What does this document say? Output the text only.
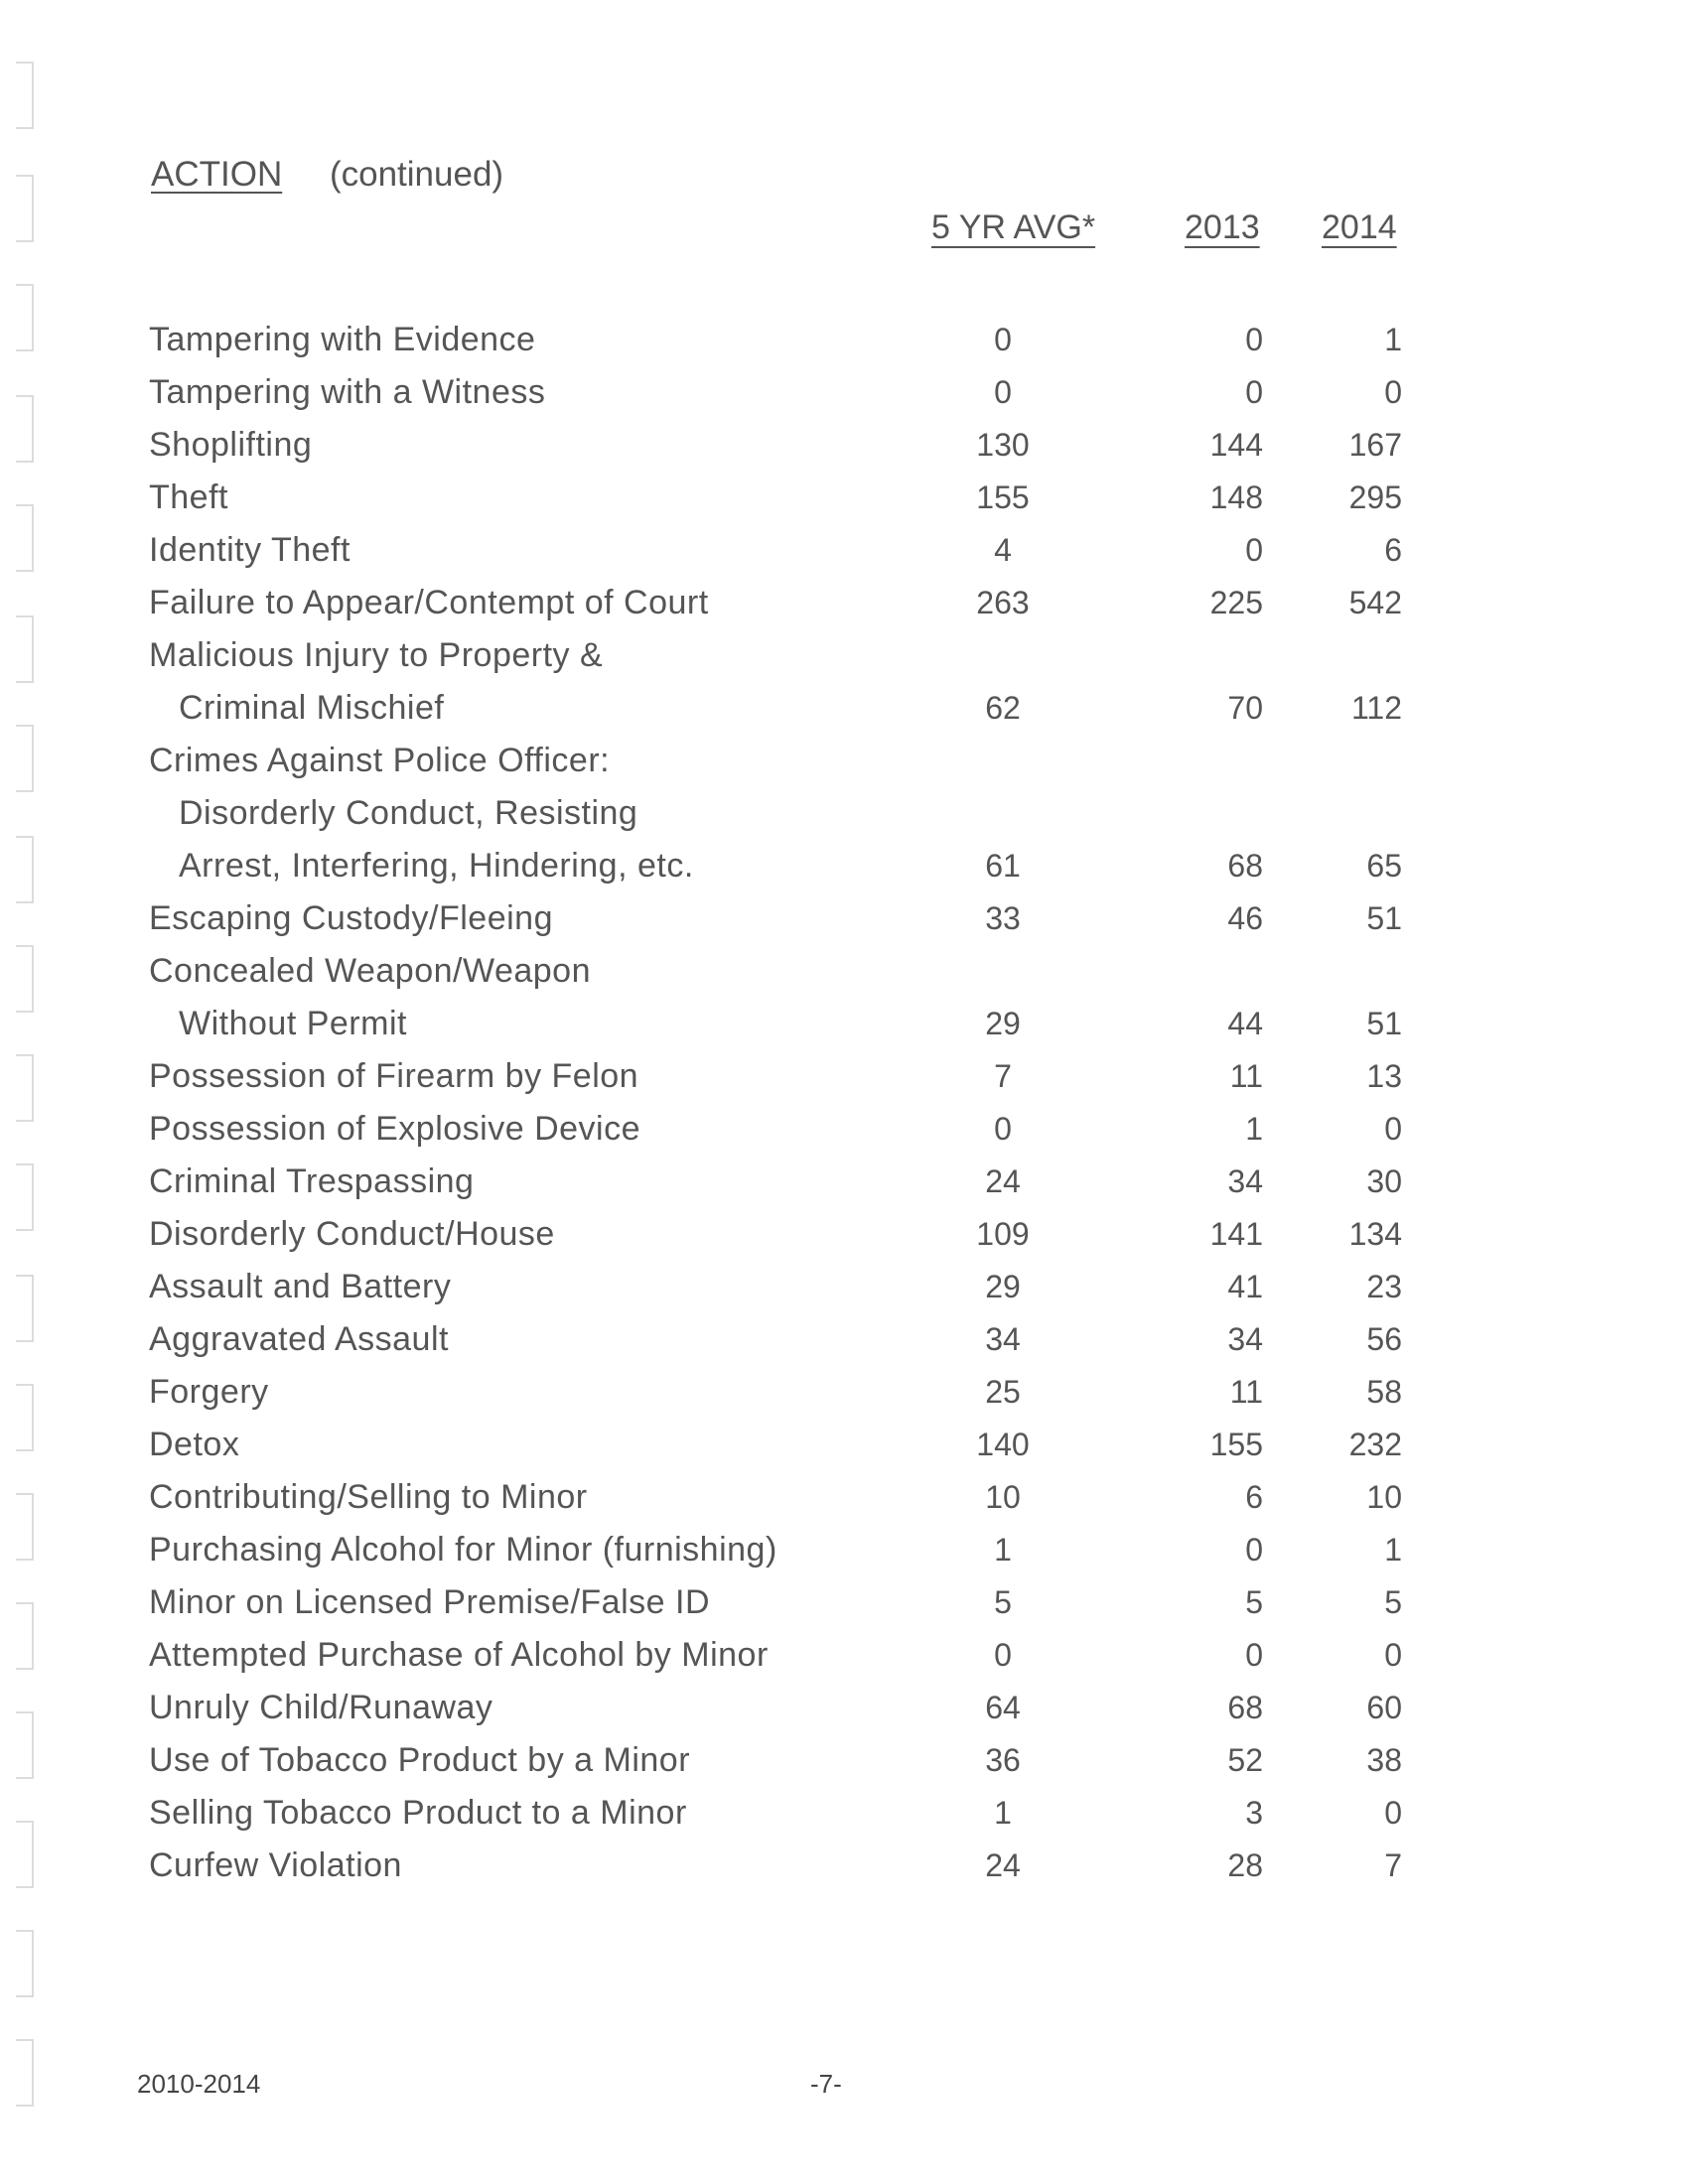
ACTION (continued)
5 YR AVG*	2013 2014
Tampering with Evidence	0	0	1
Tampering with a Witness	0	0	0
Shoplifting	130	144	167
Theft	155	148	295
Identity Theft	4	0	6
Failure to Appear/Contempt of Court	263	225	542
Malicious Injury to Property &
Criminal Mischief	62	70	112
Crimes Against Police Officer:
Disorderly Conduct, Resisting
Arrest, Interfering, Hindering, etc.	61	68	65
Escaping Custody/Fleeing	33	46	51
Concealed Weapon/Weapon
Without Permit	29	44	51
Possession of Firearm by Felon	7	11	13
Possession of Explosive Device	0	1	0
Criminal Trespassing	24	34	30
Disorderly Conduct/House	109	141	134
Assault and Battery	29	41	23
Aggravated Assault	34	34	56
Forgery	25	11	58
Detox	140	155	232
Contributing/Selling to Minor	10	6	10
Purchasing Alcohol for Minor (furnishing)	1	0	1
Minor on Licensed Premise/False ID	5	5	5
Attempted Purchase of Alcohol by Minor	0	0	0
Unruly Child/Runaway	64	68	60
Use of Tobacco Product by a Minor	36	52	38
Selling Tobacco Product to a Minor	1	3	0
Curfew Violation	24	28	7
2010-2014	-7-
